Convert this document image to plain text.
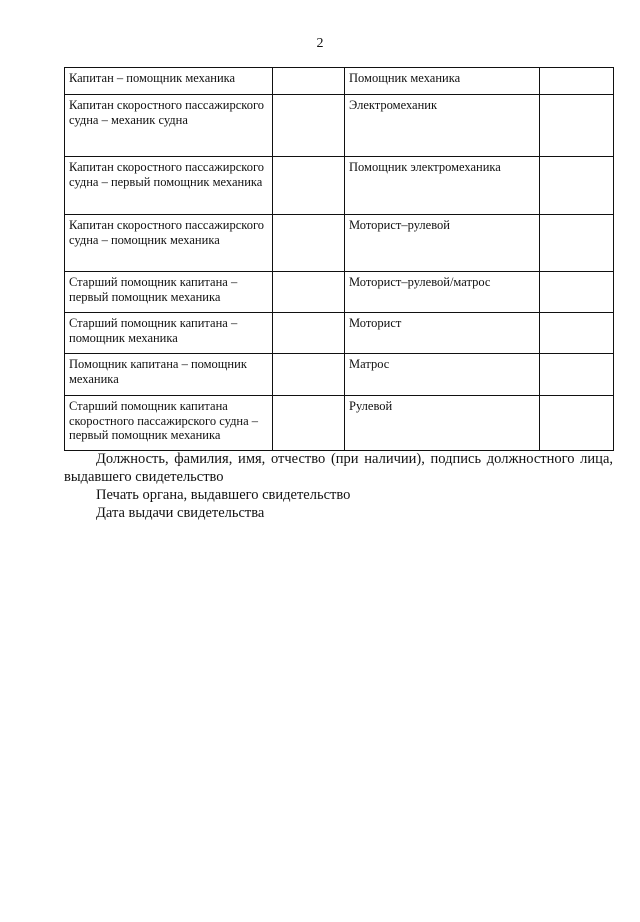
2
Капитан – помощник механика		Помощник механика	
Капитан скоростного пассажирского судна – механик судна		Электромеханик	
Капитан скоростного пассажирского судна – первый помощник механика		Помощник электромеханика	
Капитан скоростного пассажирского судна – помощник механика		Моторист–рулевой	
Старший помощник капитана – первый помощник механика		Моторист–рулевой/матрос	
Старший помощник капитана – помощник механика		Моторист	
Помощник капитана – помощник механика		Матрос	
Старший помощник капитана скоростного пассажирского судна – первый помощник механика		Рулевой	

Должность, фамилия, имя, отчество (при наличии), подпись должностного лица, выдавшего свидетельство

Печать органа, выдавшего свидетельство

Дата выдачи свидетельства
